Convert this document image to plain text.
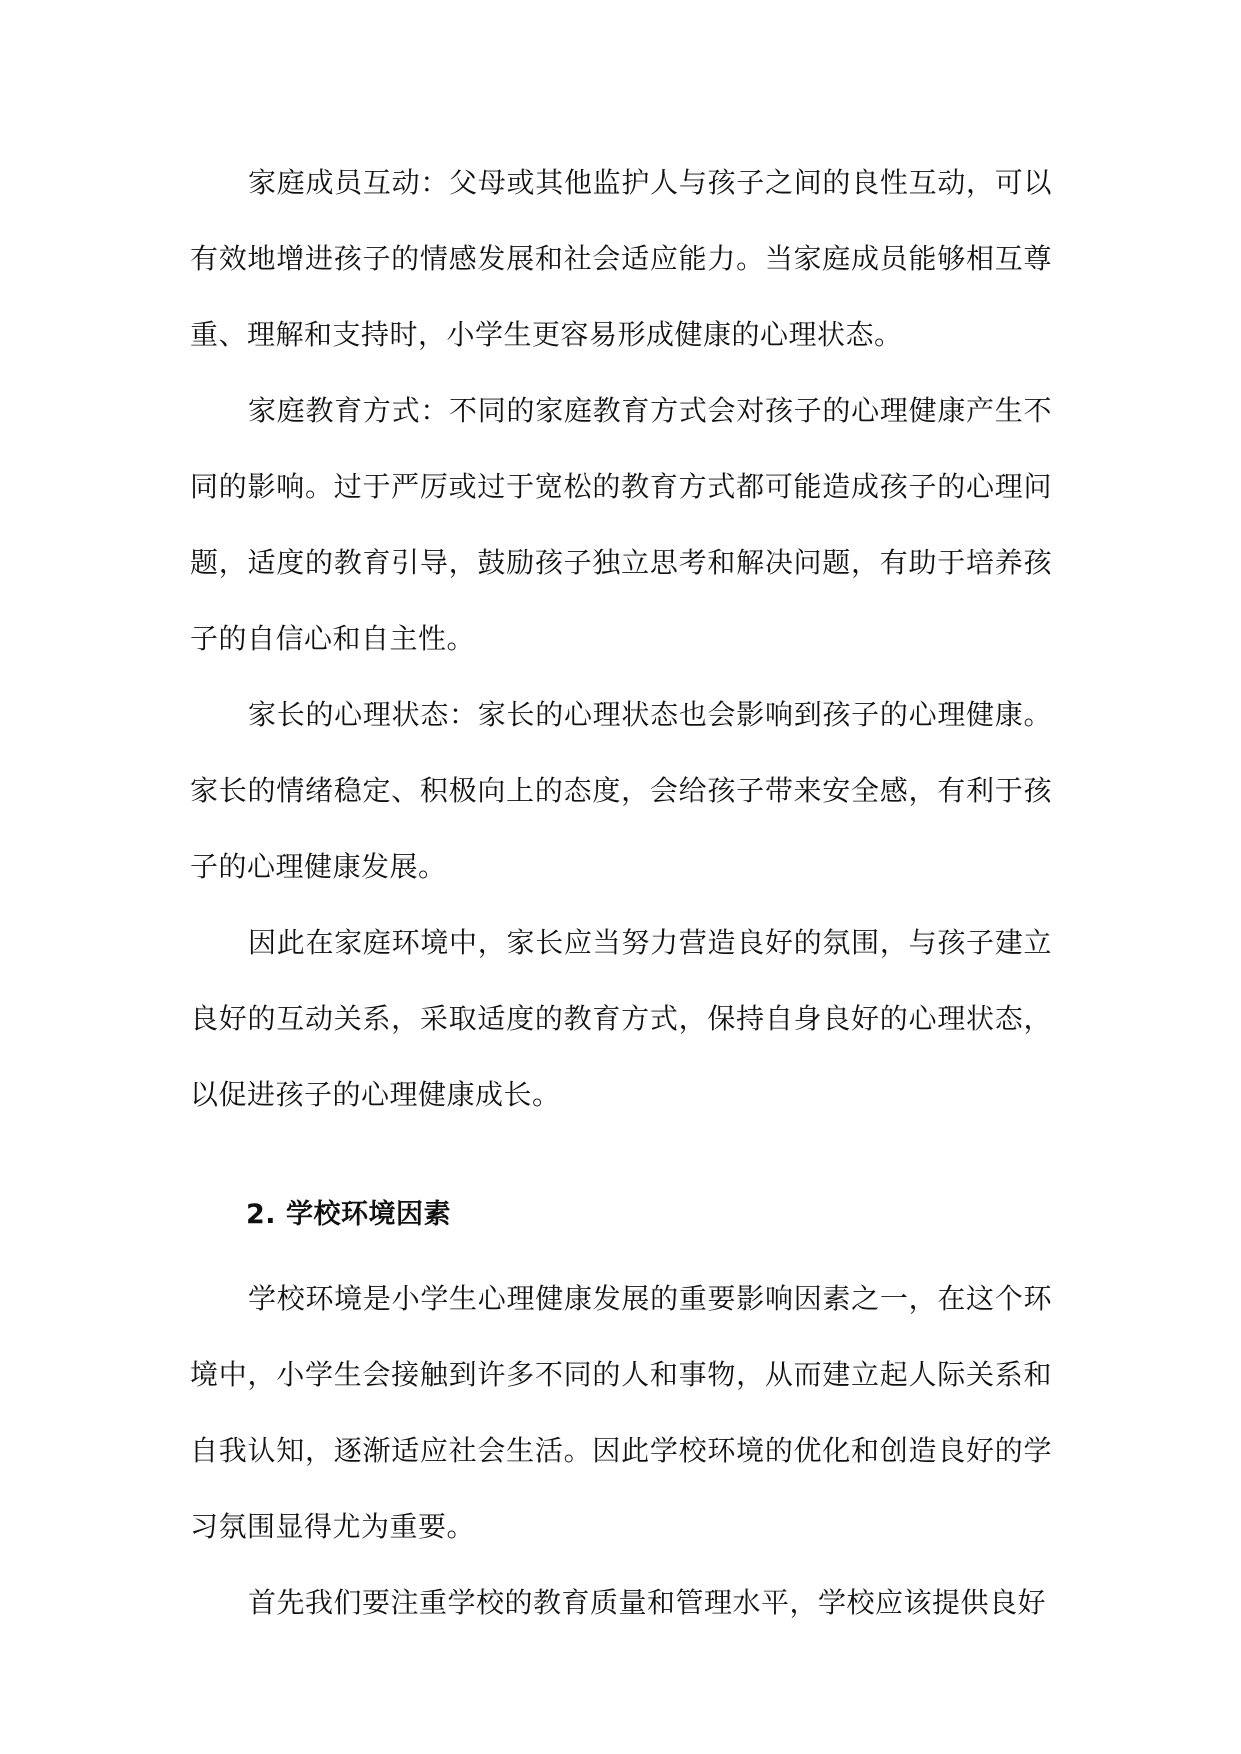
家庭成员互动：父母或其他监护人与孩子之间的良性互动，可以有效地增进孩子的情感发展和社会适应能力。当家庭成员能够相互尊重、理解和支持时，小学生更容易形成健康的心理状态。

家庭教育方式：不同的家庭教育方式会对孩子的心理健康产生不同的影响。过于严厉或过于宽松的教育方式都可能造成孩子的心理问题，适度的教育引导，鼓励孩子独立思考和解决问题，有助于培养孩子的自信心和自主性。

家长的心理状态：家长的心理状态也会影响到孩子的心理健康。家长的情绪稳定、积极向上的态度，会给孩子带来安全感，有利于孩子的心理健康发展。

因此在家庭环境中，家长应当努力营造良好的氛围，与孩子建立良好的互动关系，采取适度的教育方式，保持自身良好的心理状态，以促进孩子的心理健康成长。

2. 学校环境因素

学校环境是小学生心理健康发展的重要影响因素之一，在这个环境中，小学生会接触到许多不同的人和事物，从而建立起人际关系和自我认知，逐渐适应社会生活。因此学校环境的优化和创造良好的学习氛围显得尤为重要。

首先我们要注重学校的教育质量和管理水平，学校应该提供良好
